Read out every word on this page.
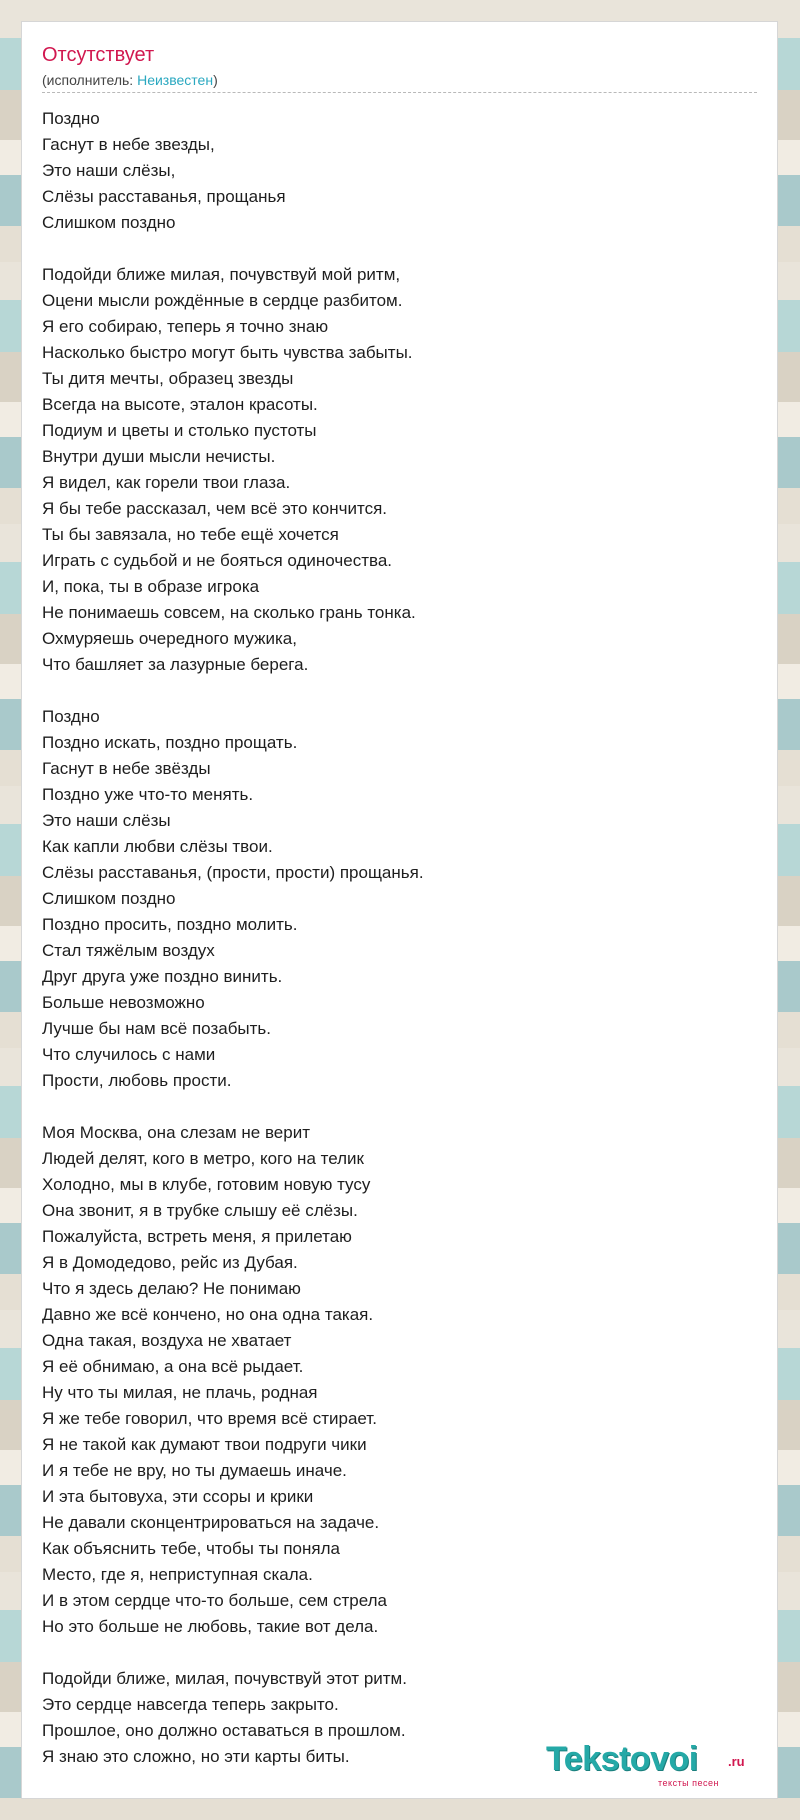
Отсутствует
(исполнитель: Неизвестен)
Поздно
Гаснут в небе звезды,
Это наши слёзы,
Слёзы расставанья, прощанья
Слишком поздно
Подойди ближе милая, почувствуй мой ритм,
Оцени мысли рождённые в сердце разбитом.
Я его собираю, теперь я точно знаю
Насколько быстро могут быть чувства забыты.
Ты дитя мечты, образец звезды
Всегда на высоте, эталон красоты.
Подиум и цветы и столько пустоты
Внутри души мысли нечисты.
Я видел, как горели твои глаза.
Я бы тебе рассказал, чем всё это кончится.
Ты бы завязала, но тебе ещё хочется
Играть с судьбой и не бояться одиночества.
И, пока, ты в образе игрока
Не понимаешь совсем, на сколько грань тонка.
Охмуряешь очередного мужика,
Что башляет за лазурные берега.
Поздно
Поздно искать, поздно прощать.
Гаснут в небе звёзды
Поздно уже что-то менять.
Это наши слёзы
Как капли любви слёзы твои.
Слёзы расставанья, (прости, прости) прощанья.
Слишком поздно
Поздно просить, поздно молить.
Стал тяжёлым воздух
Друг друга уже поздно винить.
Больше невозможно
Лучше бы нам всё позабыть.
Что случилось с нами
Прости, любовь прости.
Моя Москва, она слезам не верит
Людей делят, кого в метро, кого на телик
Холодно, мы в клубе, готовим новую тусу
Она звонит, я в трубке слышу её слёзы.
Пожалуйста, встреть меня, я прилетаю
Я в Домодедово, рейс из Дубая.
Что я здесь делаю? Не понимаю
Давно же всё кончено, но она одна такая.
Одна такая, воздуха не хватает
Я её обнимаю, а она всё рыдает.
Ну что ты милая, не плачь, родная
Я же тебе говорил, что время всё стирает.
Я не такой как думают твои подруги чики
И я тебе не вру, но ты думаешь иначе.
И эта бытовуха, эти ссоры и крики
Не давали сконцентрироваться на задаче.
Как объяснить тебе, чтобы ты поняла
Место, где я, неприступная скала.
И в этом сердце что-то больше, сем стрела
Но это больше не любовь, такие вот дела.
Подойди ближе, милая, почувствуй этот ритм.
Это сердце навсегда теперь закрыто.
Прошлое, оно должно оставаться в прошлом.
Я знаю это сложно, но эти карты биты.	Tekstovoi .ru
тексты песен
